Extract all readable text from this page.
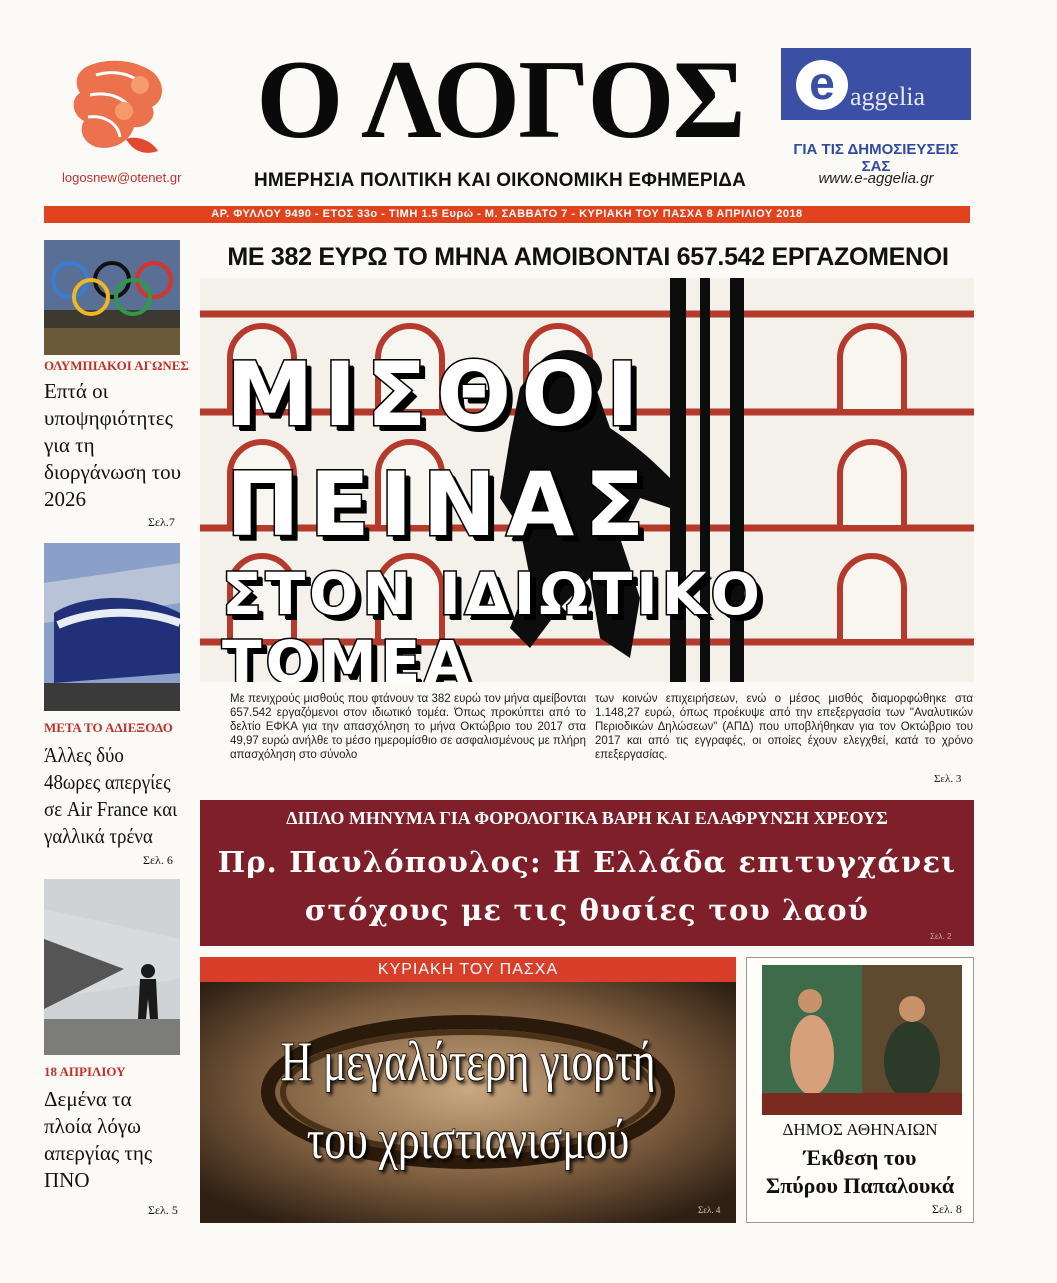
logosnew@otenet.gr
Ο ΛΟΓΟΣ
ΗΜΕΡΗΣΙΑ ΠΟΛΙΤΙΚΗ ΚΑΙ ΟΙΚΟΝΟΜΙΚΗ ΕΦΗΜΕΡΙΔΑ
e aggelia
ΓΙΑ ΤΙΣ ΔΗΜΟΣΙΕΥΣΕΙΣ ΣΑΣ
www.e-aggelia.gr
ΑΡ. ΦΥΛΛΟΥ 9490 - ΕΤΟΣ 33ο - ΤΙΜΗ 1.5 Ευρώ - Μ. ΣΑΒΒΑΤΟ 7 - ΚΥΡΙΑΚΗ ΤΟΥ ΠΑΣΧΑ 8 ΑΠΡΙΛΙΟΥ 2018
ΟΛΥΜΠΙΑΚΟΙ ΑΓΩΝΕΣ
Επτά οι υποψηφιότητες για τη διοργάνωση του 2026
Σελ.7
ΜΕΤΑ ΤΟ ΑΔΙΕΞΟΔΟ
Άλλες δύο 48ωρες απεργίες σε Air France και γαλλικά τρένα
Σελ. 6
18 ΑΠΡΙΛΙΟΥ
Δεμένα τα πλοία λόγω απεργίας της ΠΝΟ
Σελ. 5
ΜΕ 382 ΕΥΡΩ ΤΟ ΜΗΝΑ ΑΜΟΙΒΟΝΤΑΙ 657.542 ΕΡΓΑΖΟΜΕΝΟΙ
ΜΙΣΘΟΙ
ΠΕΙΝΑΣ
ΣΤΟΝ ΙΔΙΩΤΙΚΟ ΤΟΜΕΑ
Με πενιχρούς μισθούς που φτάνουν τα 382 ευρώ τον μήνα αμείβονται 657.542 εργαζόμενοι στον ιδιωτικό τομέα. Όπως προκύπτει από το δελτίο ΕΦΚΑ για την απασχόληση το μήνα Οκτώβριο του 2017 στα 49,97 ευρώ ανήλθε το μέσο ημερομίσθιο σε ασφαλισμένους με πλήρη απασχόληση στο σύνολο
των κοινών επιχειρήσεων, ενώ ο μέσος μισθός διαμορφώθηκε στα 1.148,27 ευρώ, όπως προέκυψε από την επεξεργασία των "Αναλυτικών Περιοδικών Δηλώσεων" (ΑΠΔ) που υποβλήθηκαν για τον Οκτώβριο του 2017 και από τις εγγραφές, οι οποίες έχουν ελεγχθεί, κατά το χρόνο επεξεργασίας.
Σελ. 3
ΔΙΠΛΟ ΜΗΝΥΜΑ ΓΙΑ ΦΟΡΟΛΟΓΙΚΑ ΒΑΡΗ ΚΑΙ ΕΛΑΦΡΥΝΣΗ ΧΡΕΟΥΣ
Πρ. Παυλόπουλος: Η Ελλάδα επιτυγχάνει
στόχους με τις θυσίες του λαού
Σελ. 2
ΚΥΡΙΑΚΗ ΤΟΥ ΠΑΣΧΑ
Η μεγαλύτερη γιορτή
του χριστιανισμού
Σελ. 4
ΔΗΜΟΣ ΑΘΗΝΑΙΩΝ
Έκθεση του
Σπύρου Παπαλουκά
Σελ. 8
